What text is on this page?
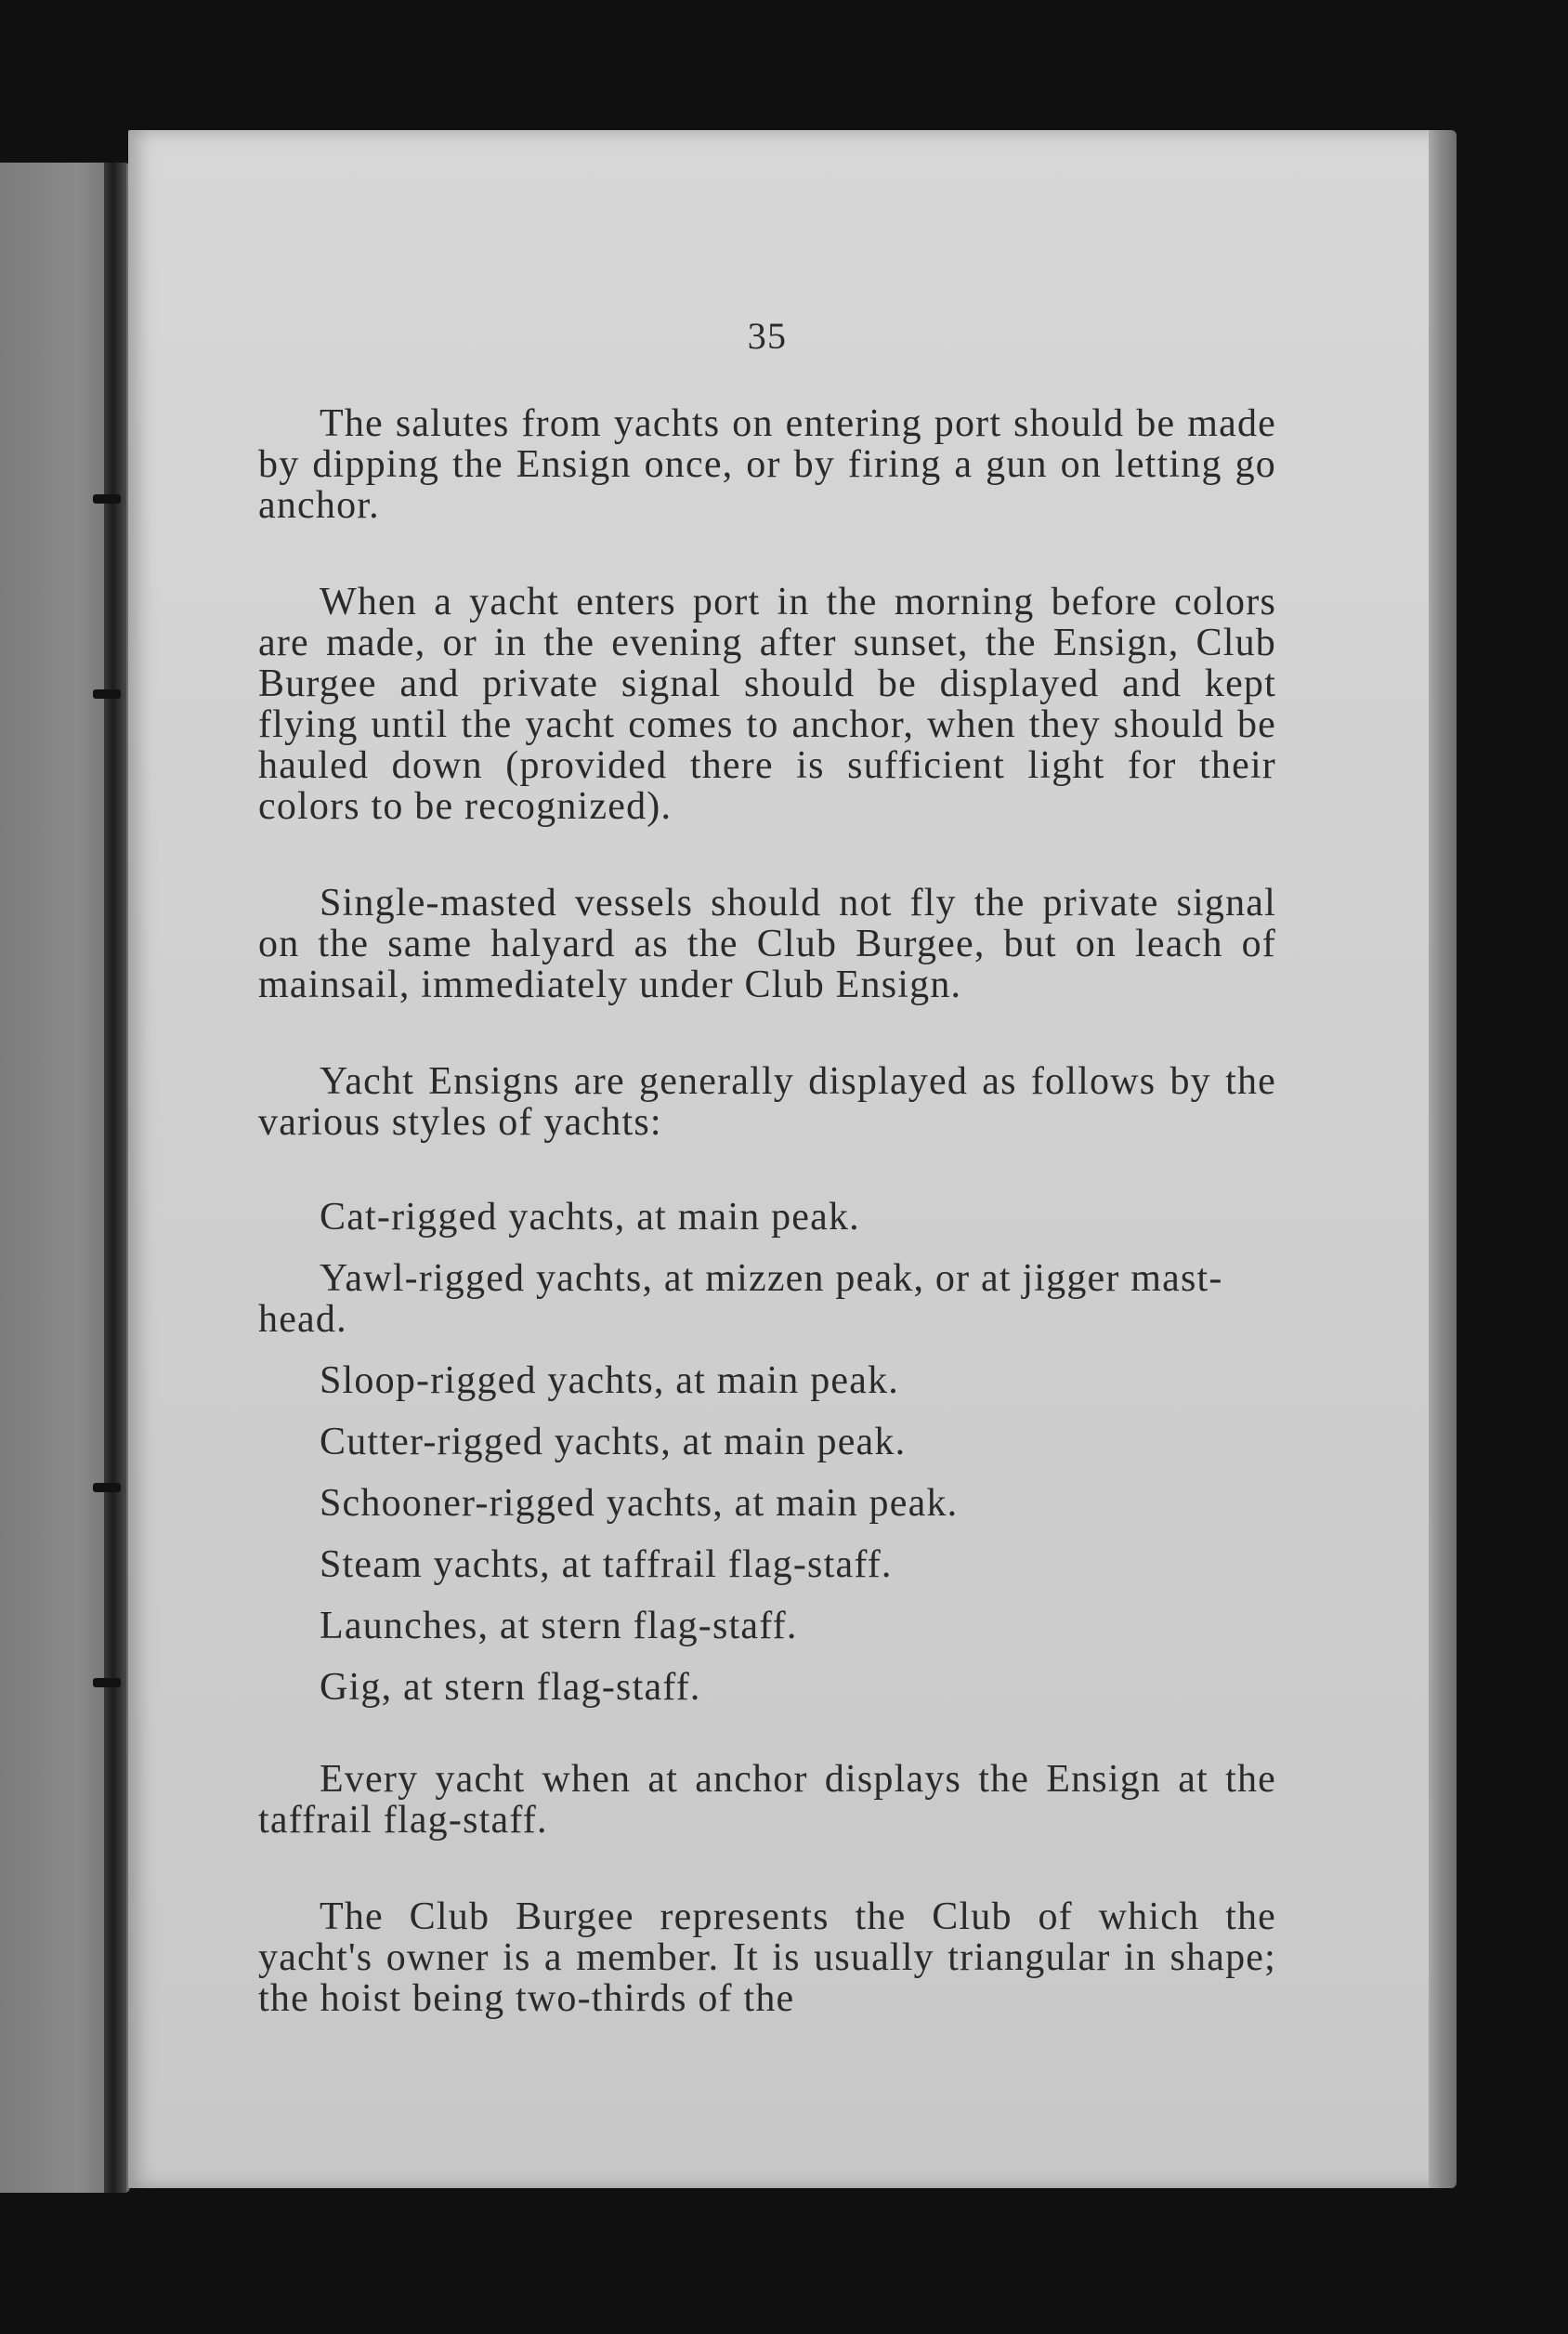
35

The salutes from yachts on entering port should be made by dipping the Ensign once, or by firing a gun on letting go anchor.

When a yacht enters port in the morning before colors are made, or in the evening after sunset, the Ensign, Club Burgee and private signal should be displayed and kept flying until the yacht comes to anchor, when they should be hauled down (provided there is sufficient light for their colors to be recognized).

Single-masted vessels should not fly the private signal on the same halyard as the Club Burgee, but on leach of mainsail, immediately under Club Ensign.

Yacht Ensigns are generally displayed as follows by the various styles of yachts:

Cat-rigged yachts, at main peak.

Yawl-rigged yachts, at mizzen peak, or at jigger mast-head.

Sloop-rigged yachts, at main peak.

Cutter-rigged yachts, at main peak.

Schooner-rigged yachts, at main peak.

Steam yachts, at taffrail flag-staff.

Launches, at stern flag-staff.

Gig, at stern flag-staff.

Every yacht when at anchor displays the Ensign at the taffrail flag-staff.

The Club Burgee represents the Club of which the yacht's owner is a member. It is usually triangular in shape; the hoist being two-thirds of the
